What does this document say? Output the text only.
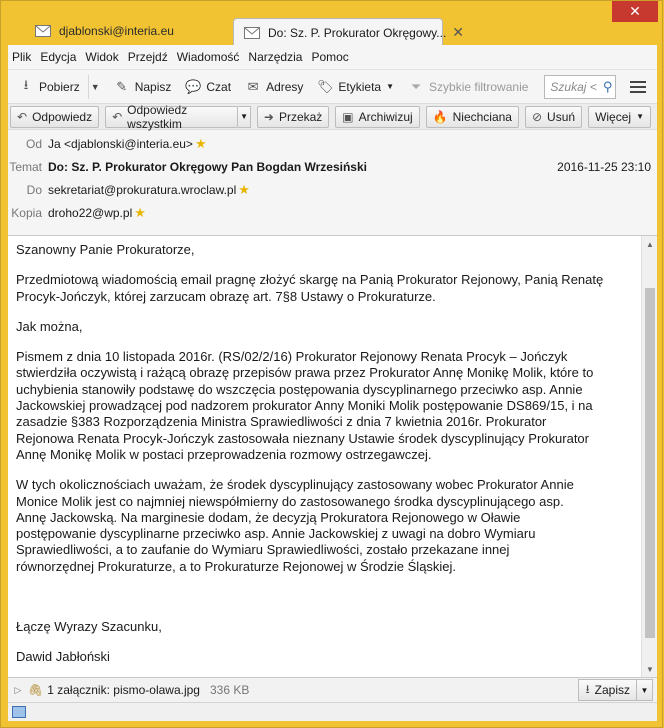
djablonski@interia.eu	Do: Sz. P. Prokurator Okręgowy... ✕
✕
Plik Edycja Widok Przejdź Wiadomość Narzędzia Pomoc
⭳ Pobierz	▼ ✎ Napisz 💬 Czat ✉ Adresy 🏷 Etykieta ▼ ⏷ Szybkie filtrowanie Szukaj < ⚲
↶ Odpowiedz ↶ Odpowiedz wszystkim	▼ ➜ Przekaż ▣ Archiwizuj 🔥 Niechciana ⊘ Usuń Więcej ▼
Od Ja <djablonski@interia.eu> ★
Temat Do: Sz. P. Prokurator Okręgowy Pan Bogdan Wrzesiński	2016-11-25 23:10
Do sekretariat@prokuratura.wroclaw.pl ★
Kopia droho22@wp.pl ★

Szanowny Panie Prokuratorze,

Przedmiotową wiadomością email pragnę złożyć skargę na Panią Prokurator Rejonowy, Panią Renatę
Procyk-Jończyk, której zarzucam obrazę art. 7§8 Ustawy o Prokuraturze.

Jak można,

Pismem z dnia 10 listopada 2016r. (RS/02/2/16) Prokurator Rejonowy Renata Procyk – Jończyk
stwierdziła oczywistą i rażącą obrazę przepisów prawa przez Prokurator Annę Monikę Molik, które to
uchybienia stanowiły podstawę do wszczęcia postępowania dyscyplinarnego przeciwko asp. Annie
Jackowskiej prowadzącej pod nadzorem prokurator Anny Moniki Molik postępowanie DS869/15, i na
zasadzie §383 Rozporządzenia Ministra Sprawiedliwości z dnia 7 kwietnia 2016r. Prokurator
Rejonowa Renata Procyk-Jończyk zastosowała nieznany Ustawie środek dyscyplinujący Prokurator
Annę Monikę Molik w postaci przeprowadzenia rozmowy ostrzegawczej.

W tych okolicznościach uważam, że środek dyscyplinujący zastosowany wobec Prokurator Annie
Monice Molik jest co najmniej niewspółmierny do zastosowanego środka dyscyplinującego asp.
Annę Jackowską. Na marginesie dodam, że decyzją Prokuratora Rejonowego w Oławie
postępowanie dyscyplinarne przeciwko asp. Annie Jackowskiej z uwagi na dobro Wymiaru
Sprawiedliwości, a to zaufanie do Wymiaru Sprawiedliwości, zostało przekazane innej
równorzędnej Prokuraturze, a to Prokuraturze Rejonowej w Środzie Śląskiej.

Łączę Wyrazy Szacunku,

Dawid Jabłoński

▲
▼
▷ 🖇 1 załącznik: pismo-olawa.jpg 336 KB	⭳ Zapisz	▼
